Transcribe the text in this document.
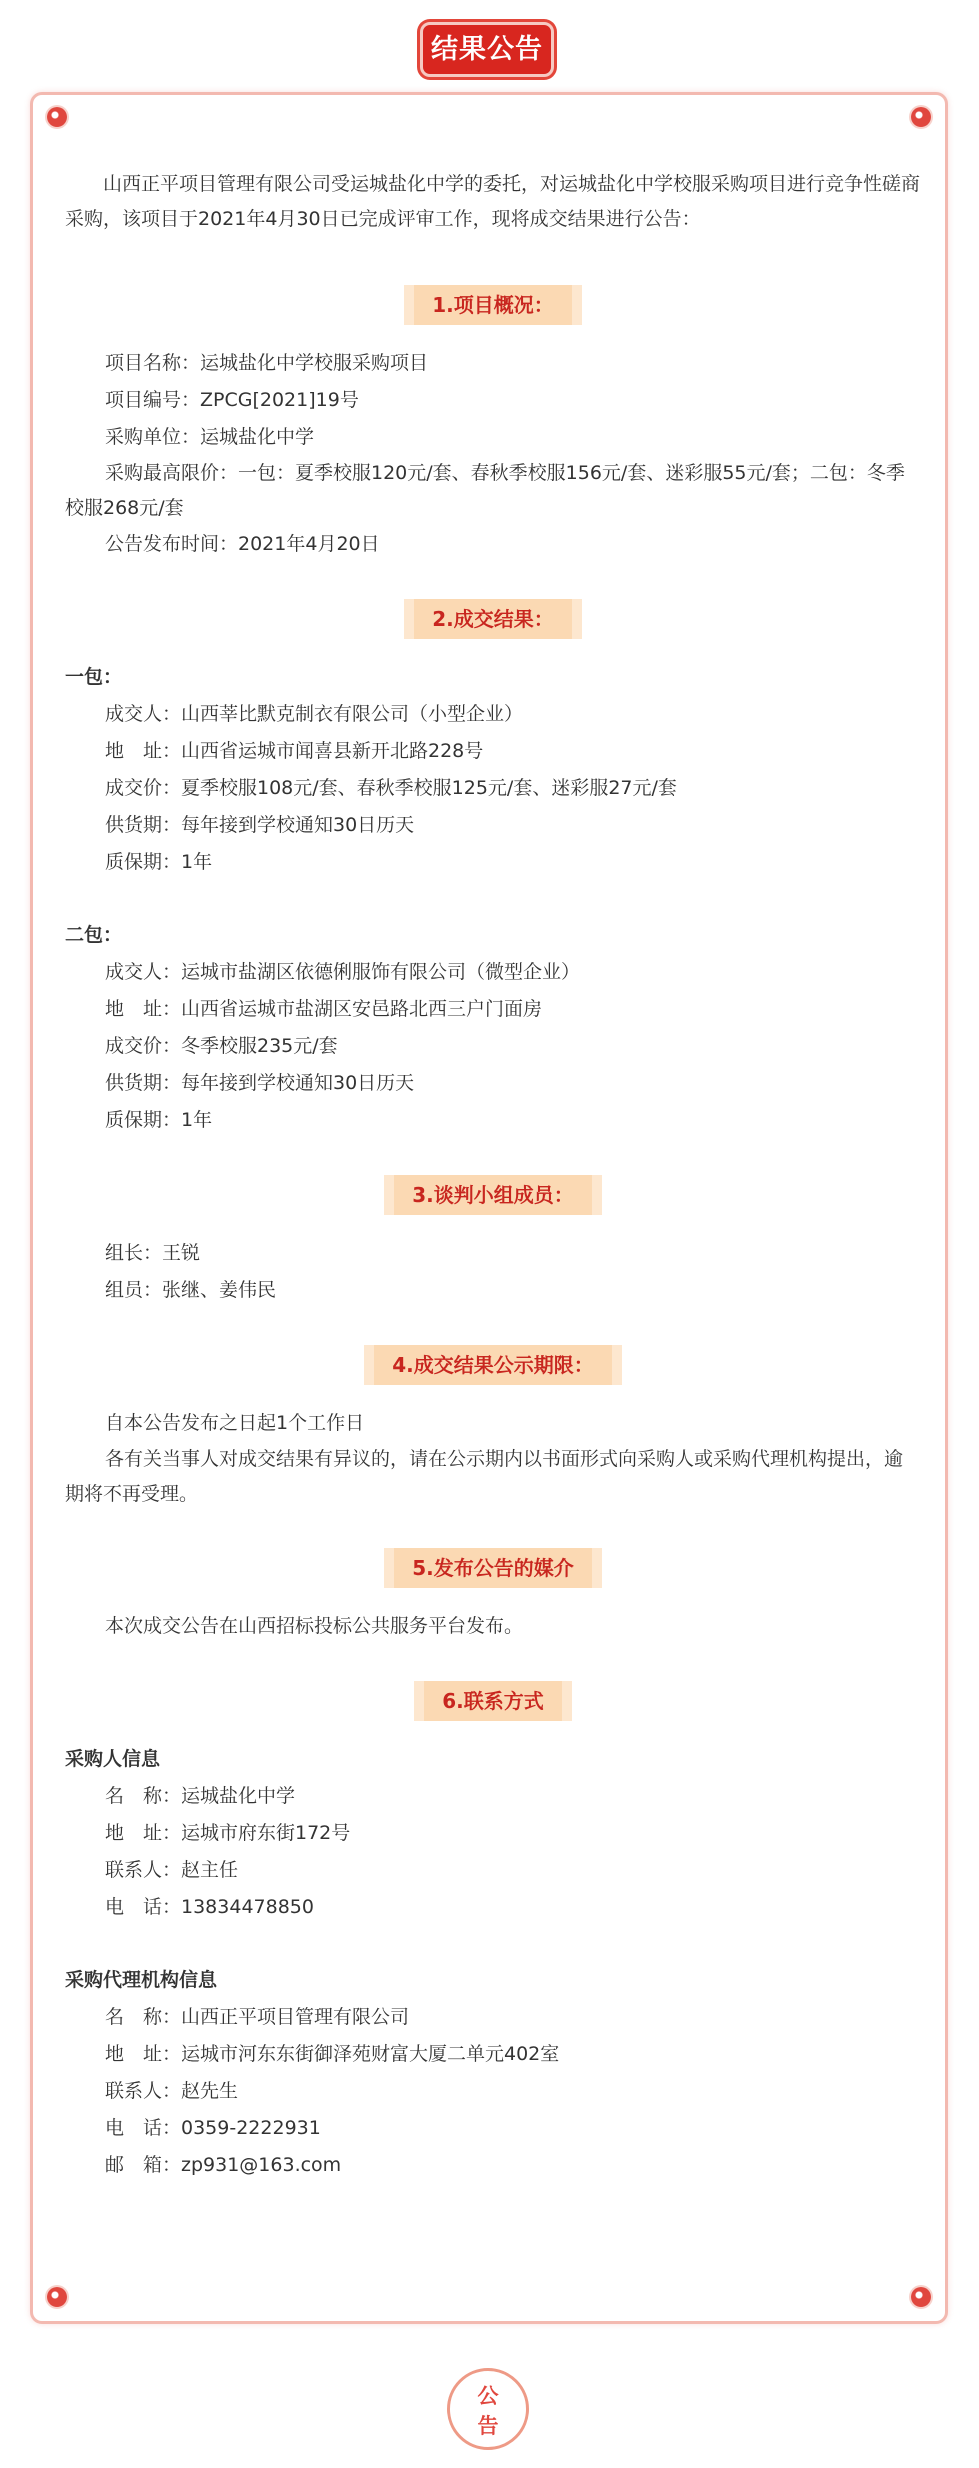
结果公告

山西正平项目管理有限公司受运城盐化中学的委托，对运城盐化中学校服采购项目进行竞争性磋商采购，该项目于2021年4月30日已完成评审工作，现将成交结果进行公告：

1.项目概况：
项目名称：运城盐化中学校服采购项目
项目编号：ZPCG[2021]19号
采购单位：运城盐化中学
采购最高限价：一包：夏季校服120元/套、春秋季校服156元/套、迷彩服55元/套；二包：冬季校服268元/套
公告发布时间：2021年4月20日
2.成交结果：
一包：
成交人：山西莘比默克制衣有限公司（小型企业）
地　址：山西省运城市闻喜县新开北路228号
成交价：夏季校服108元/套、春秋季校服125元/套、迷彩服27元/套
供货期：每年接到学校通知30日历天
质保期：1年
二包：
成交人：运城市盐湖区依德俐服饰有限公司（微型企业）
地　址：山西省运城市盐湖区安邑路北西三户门面房
成交价：冬季校服235元/套
供货期：每年接到学校通知30日历天
质保期：1年
3.谈判小组成员：
组长：王锐
组员：张继、姜伟民
4.成交结果公示期限：
自本公告发布之日起1个工作日
各有关当事人对成交结果有异议的，请在公示期内以书面形式向采购人或采购代理机构提出，逾期将不再受理。
5.发布公告的媒介
本次成交公告在山西招标投标公共服务平台发布。
6.联系方式
采购人信息
名　称：运城盐化中学
地　址：运城市府东街172号
联系人：赵主任
电　话：13834478850
采购代理机构信息
名　称：山西正平项目管理有限公司
地　址：运城市河东东街御泽苑财富大厦二单元402室
联系人：赵先生
电　话：0359-2222931
邮　箱：zp931@163.com
公
告
